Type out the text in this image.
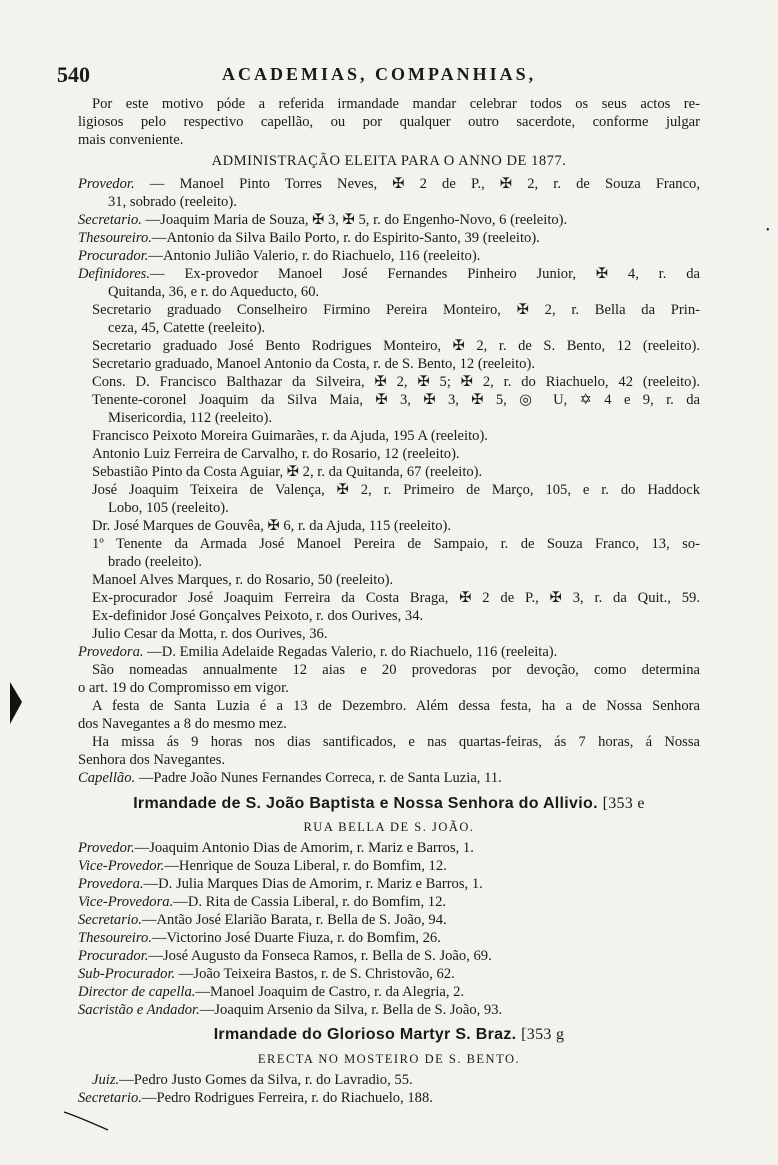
540	ACADEMIAS, COMPANHIAS,
Por este motivo póde a referida irmandade mandar celebrar todos os seus actos re-
ligiosos pelo respectivo capellão, ou por qualquer outro sacerdote, conforme julgar
mais conveniente.
ADMINISTRAÇÃO ELEITA PARA O ANNO DE 1877.
Provedor. — Manoel Pinto Torres Neves, ✠ 2 de P., ✠ 2, r. de Souza Franco,
31, sobrado (reeleito).
Secretario. —Joaquim Maria de Souza, ✠ 3, ✠ 5, r. do Engenho-Novo, 6 (reeleito).
Thesoureiro.—Antonio da Silva Bailo Porto, r. do Espirito-Santo, 39 (reeleito).
Procurador.—Antonio Julião Valerio, r. do Riachuelo, 116 (reeleito).
Definidores.— Ex-provedor Manoel José Fernandes Pinheiro Junior, ✠ 4, r. da
Quitanda, 36, e r. do Aqueducto, 60.
Secretario graduado Conselheiro Firmino Pereira Monteiro, ✠ 2, r. Bella da Prin-
ceza, 45, Catette (reeleito).
Secretario graduado José Bento Rodrigues Monteiro, ✠ 2, r. de S. Bento, 12 (reeleito).
Secretario graduado, Manoel Antonio da Costa, r. de S. Bento, 12 (reeleito).
Cons. D. Francisco Balthazar da Silveira, ✠ 2, ✠ 5; ✠ 2, r. do Riachuelo, 42 (reeleito).
Tenente-coronel Joaquim da Silva Maia, ✠ 3, ✠ 3, ✠ 5, ◎ U, ✡ 4 e 9, r. da
Misericordia, 112 (reeleito).
Francisco Peixoto Moreira Guimarães, r. da Ajuda, 195 A (reeleito).
Antonio Luiz Ferreira de Carvalho, r. do Rosario, 12 (reeleito).
Sebastião Pinto da Costa Aguiar, ✠ 2, r. da Quitanda, 67 (reeleito).
José Joaquim Teixeira de Valença, ✠ 2, r. Primeiro de Março, 105, e r. do Haddock
Lobo, 105 (reeleito).
Dr. José Marques de Gouvêa, ✠ 6, r. da Ajuda, 115 (reeleito).
1º Tenente da Armada José Manoel Pereira de Sampaio, r. de Souza Franco, 13, so-
brado (reeleito).
Manoel Alves Marques, r. do Rosario, 50 (reeleito).
Ex-procurador José Joaquim Ferreira da Costa Braga, ✠ 2 de P., ✠ 3, r. da Quit., 59.
Ex-definidor José Gonçalves Peixoto, r. dos Ourives, 34.
Julio Cesar da Motta, r. dos Ourives, 36.
Provedora. —D. Emilia Adelaide Regadas Valerio, r. do Riachuelo, 116 (reeleita).
São nomeadas annualmente 12 aias e 20 provedoras por devoção, como determina
o art. 19 do Compromisso em vigor.
A festa de Santa Luzia é a 13 de Dezembro. Além dessa festa, ha a de Nossa Senhora
dos Navegantes a 8 do mesmo mez.
Ha missa ás 9 horas nos dias santificados, e nas quartas-feiras, ás 7 horas, á Nossa
Senhora dos Navegantes.
Capellão. —Padre João Nunes Fernandes Correca, r. de Santa Luzia, 11.
Irmandade de S. João Baptista e Nossa Senhora do Allivio. [353 e
RUA BELLA DE S. JOÃO.
Provedor.—Joaquim Antonio Dias de Amorim, r. Mariz e Barros, 1.
Vice-Provedor.—Henrique de Souza Liberal, r. do Bomfim, 12.
Provedora.—D. Julia Marques Dias de Amorim, r. Mariz e Barros, 1.
Vice-Provedora.—D. Rita de Cassia Liberal, r. do Bomfim, 12.
Secretario.—Antão José Elarião Barata, r. Bella de S. João, 94.
Thesoureiro.—Victorino José Duarte Fiuza, r. do Bomfim, 26.
Procurador.—José Augusto da Fonseca Ramos, r. Bella de S. João, 69.
Sub-Procurador. —João Teixeira Bastos, r. de S. Christovão, 62.
Director de capella.—Manoel Joaquim de Castro, r. da Alegria, 2.
Sacristão e Andador.—Joaquim Arsenio da Silva, r. Bella de S. João, 93.
Irmandade do Glorioso Martyr S. Braz. [353 g
ERECTA NO MOSTEIRO DE S. BENTO.
Juiz.—Pedro Justo Gomes da Silva, r. do Lavradio, 55.
Secretario.—Pedro Rodrigues Ferreira, r. do Riachuelo, 188.
•
